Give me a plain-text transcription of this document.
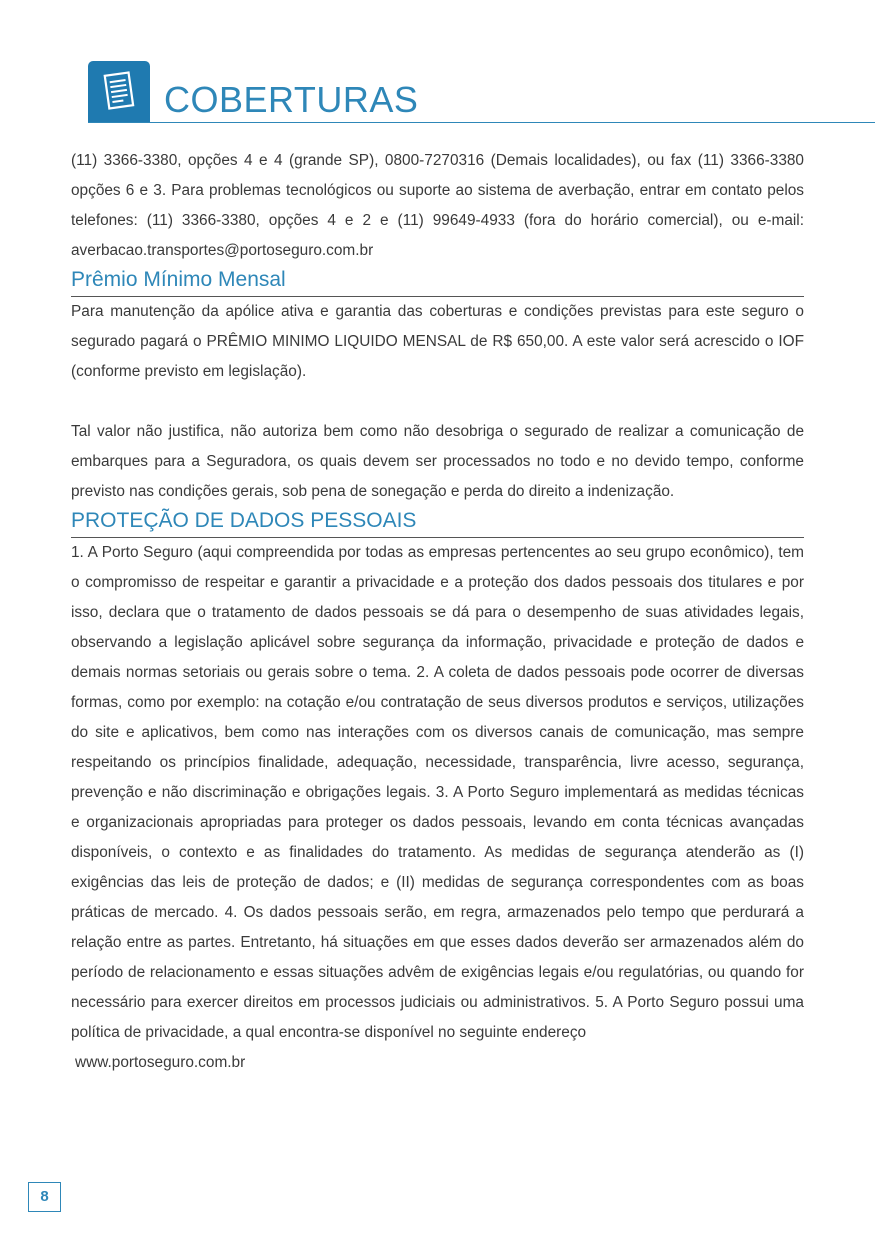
COBERTURAS

(11) 3366-3380, opções 4 e 4 (grande SP), 0800-7270316 (Demais localidades), ou fax (11) 3366-3380 opções 6 e 3. Para problemas tecnológicos ou suporte ao sistema de averbação, entrar em contato pelos telefones: (11) 3366-3380, opções 4 e 2 e (11) 99649-4933 (fora do horário comercial), ou e-mail: averbacao.transportes@portoseguro.com.br

Prêmio Mínimo Mensal

Para manutenção da apólice ativa e garantia das coberturas e condições previstas para este seguro o segurado pagará o PRÊMIO MINIMO LIQUIDO MENSAL de R$ 650,00. A este valor será acrescido o IOF (conforme previsto em legislação).

Tal valor não justifica, não autoriza bem como não desobriga o segurado de realizar a comunicação de embarques para a Seguradora, os quais devem ser processados no todo e no devido tempo, conforme previsto nas condições gerais, sob pena de sonegação e perda do direito a indenização.

PROTEÇÃO DE DADOS PESSOAIS

1. A Porto Seguro (aqui compreendida por todas as empresas pertencentes ao seu grupo econômico), tem o compromisso de respeitar e garantir a privacidade e a proteção dos dados pessoais dos titulares e por isso, declara que o tratamento de dados pessoais se dá para o desempenho de suas atividades legais, observando a legislação aplicável sobre segurança da informação, privacidade e proteção de dados e demais normas setoriais ou gerais sobre o tema. 2. A coleta de dados pessoais pode ocorrer de diversas formas, como por exemplo: na cotação e/ou contratação de seus diversos produtos e serviços, utilizações do site e aplicativos, bem como nas interações com os diversos canais de comunicação, mas sempre respeitando os princípios finalidade, adequação, necessidade, transparência, livre acesso, segurança, prevenção e não discriminação e obrigações legais. 3. A Porto Seguro implementará as medidas técnicas e organizacionais apropriadas para proteger os dados pessoais, levando em conta técnicas avançadas disponíveis, o contexto e as finalidades do tratamento. As medidas de segurança atenderão as (I) exigências das leis de proteção de dados; e (II) medidas de segurança correspondentes com as boas práticas de mercado. 4. Os dados pessoais serão, em regra, armazenados pelo tempo que perdurará a relação entre as partes. Entretanto, há situações em que esses dados deverão ser armazenados além do período de relacionamento e essas situações advêm de exigências legais e/ou regulatórias, ou quando for necessário para exercer direitos em processos judiciais ou administrativos. 5. A Porto Seguro possui uma política de privacidade, a qual encontra-se disponível no seguinte endereço

www.portoseguro.com.br

8
